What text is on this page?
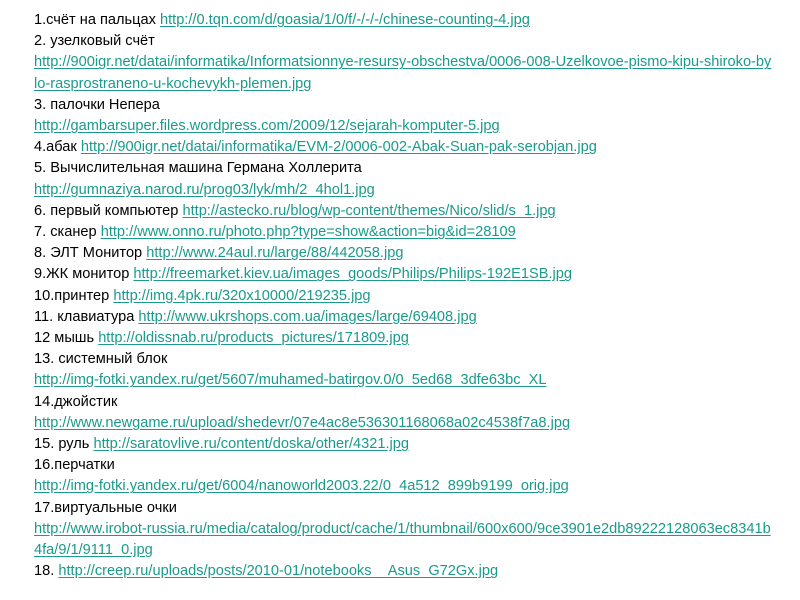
1.счёт на пальцах http://0.tqn.com/d/goasia/1/0/f/-/-/-/chinese-counting-4.jpg

2. узелковый счёт
http://900igr.net/datai/informatika/Informatsionnye-resursy-obschestva/0006-008-Uzelkovoe-pismo-kipu-shiroko-bylo-rasprostraneno-u-kochevykh-plemen.jpg

3. палочки Непера
http://gambarsuper.files.wordpress.com/2009/12/sejarah-komputer-5.jpg

4.абак http://900igr.net/datai/informatika/EVM-2/0006-002-Abak-Suan-pak-serobjan.jpg

5. Вычислительная машина Германа Холлерита
http://gumnaziya.narod.ru/prog03/lyk/mh/2_4hol1.jpg

6. первый компьютер http://astecko.ru/blog/wp-content/themes/Nico/slid/s_1.jpg

7. сканер http://www.onno.ru/photo.php?type=show&action=big&id=28109

8. ЭЛТ Монитор http://www.24aul.ru/large/88/442058.jpg

9.ЖК монитор http://freemarket.kiev.ua/images_goods/Philips/Philips-192E1SB.jpg

10.принтер http://img.4pk.ru/320x10000/219235.jpg

11. клавиатура http://www.ukrshops.com.ua/images/large/69408.jpg

12 мышь http://oldissnab.ru/products_pictures/171809.jpg

13. системный блок
http://img-fotki.yandex.ru/get/5607/muhamed-batirgov.0/0_5ed68_3dfe63bc_XL

14.джойстик
http://www.newgame.ru/upload/shedevr/07e4ac8e536301168068a02c4538f7a8.jpg

15. руль http://saratovlive.ru/content/doska/other/4321.jpg

16.перчатки
http://img-fotki.yandex.ru/get/6004/nanoworld2003.22/0_4a512_899b9199_orig.jpg

17.виртуальные очки
http://www.irobot-russia.ru/media/catalog/product/cache/1/thumbnail/600x600/9ce3901e2db89222128063ec8341b4fa/9/1/9111_0.jpg

18. http://creep.ru/uploads/posts/2010-01/notebooks__Asus_G72Gx.jpg
